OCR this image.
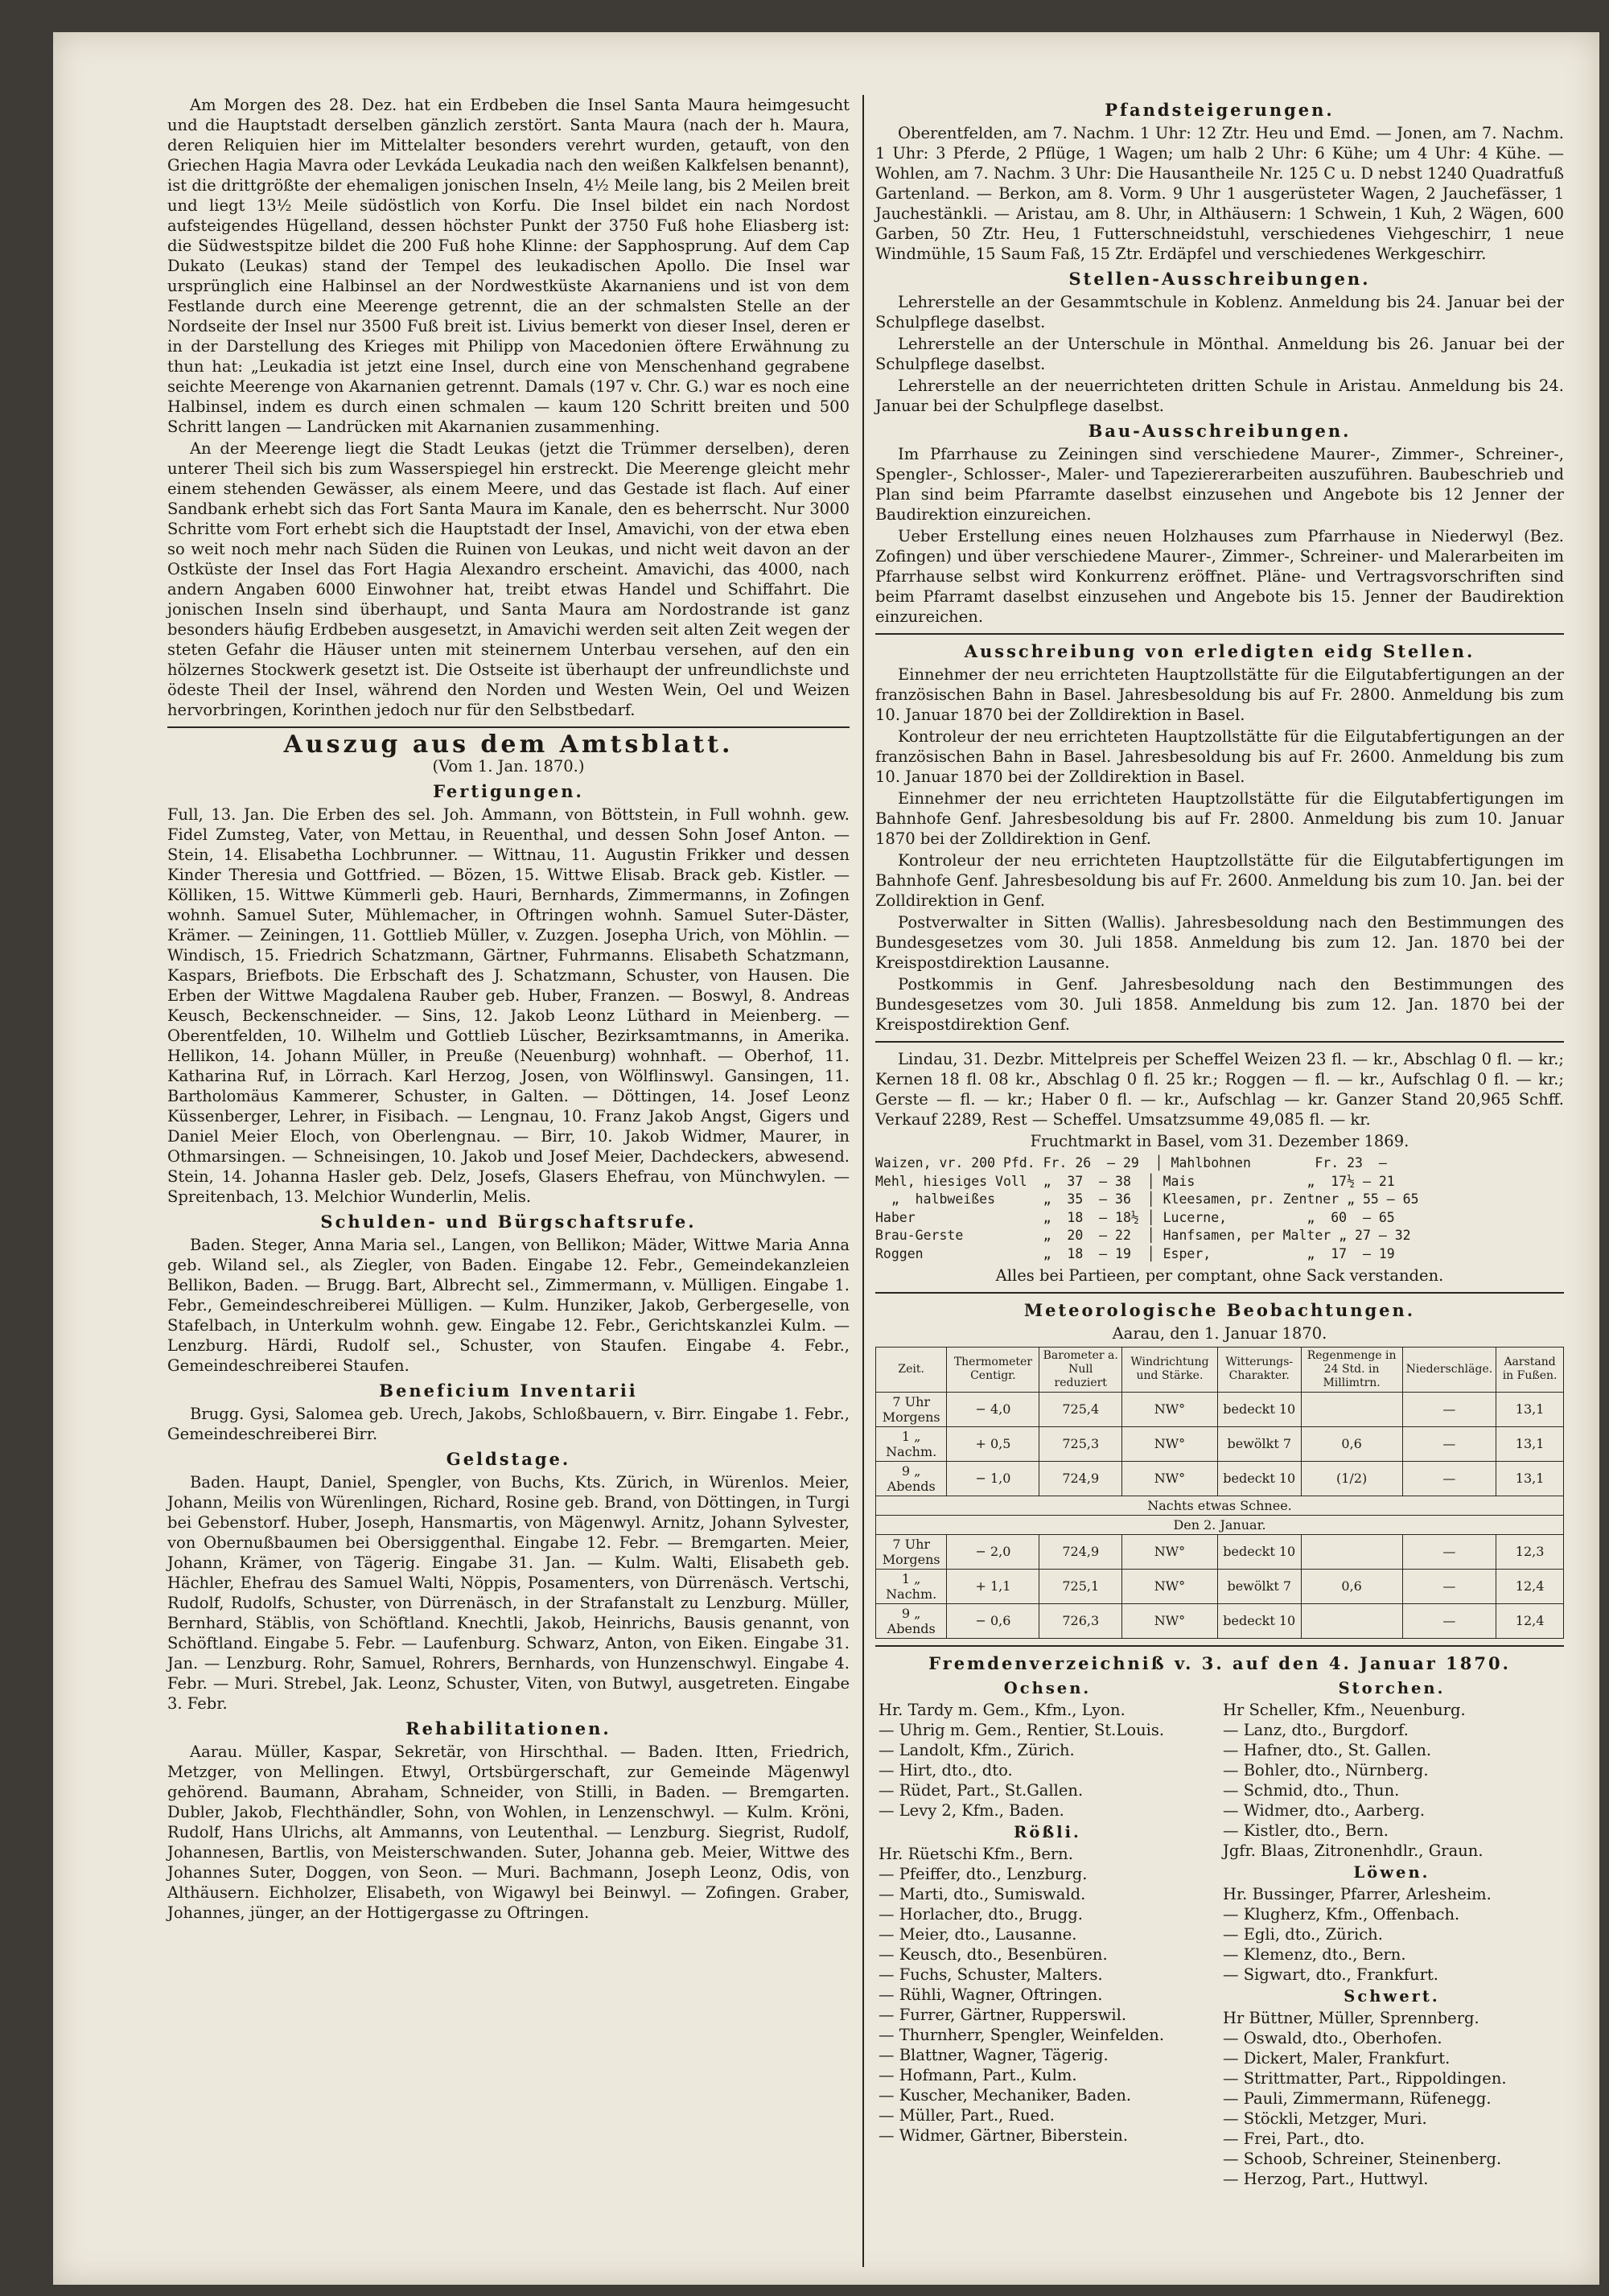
Am Morgen des 28. Dez. hat ein Erdbeben die Insel Santa Maura heimgesucht und die Hauptstadt derselben gänzlich zerstört. Santa Maura (nach der h. Maura, deren Reliquien hier im Mittelalter besonders verehrt wurden, getauft, von den Griechen Hagia Mavra oder Levkáda Leukadia nach den weißen Kalkfelsen benannt), ist die drittgrößte der ehemaligen jonischen Inseln, 4½ Meile lang, bis 2 Meilen breit und liegt 13½ Meile südöstlich von Korfu. Die Insel bildet ein nach Nordost aufsteigendes Hügelland, dessen höchster Punkt der 3750 Fuß hohe Eliasberg ist: die Südwestspitze bildet die 200 Fuß hohe Klinne: der Sapphosprung. Auf dem Cap Dukato (Leukas) stand der Tempel des leukadischen Apollo. Die Insel war ursprünglich eine Halbinsel an der Nordwestküste Akarnaniens und ist von dem Festlande durch eine Meerenge getrennt, die an der schmalsten Stelle an der Nordseite der Insel nur 3500 Fuß breit ist. Livius bemerkt von dieser Insel, deren er in der Darstellung des Krieges mit Philipp von Macedonien öftere Erwähnung zu thun hat: „Leukadia ist jetzt eine Insel, durch eine von Menschenhand gegrabene seichte Meerenge von Akarnanien getrennt. Damals (197 v. Chr. G.) war es noch eine Halbinsel, indem es durch einen schmalen — kaum 120 Schritt breiten und 500 Schritt langen — Landrücken mit Akarnanien zusammenhing.

An der Meerenge liegt die Stadt Leukas (jetzt die Trümmer derselben), deren unterer Theil sich bis zum Wasserspiegel hin erstreckt. Die Meerenge gleicht mehr einem stehenden Gewässer, als einem Meere, und das Gestade ist flach. Auf einer Sandbank erhebt sich das Fort Santa Maura im Kanale, den es beherrscht. Nur 3000 Schritte vom Fort erhebt sich die Hauptstadt der Insel, Amavichi, von der etwa eben so weit noch mehr nach Süden die Ruinen von Leukas, und nicht weit davon an der Ostküste der Insel das Fort Hagia Alexandro erscheint. Amavichi, das 4000, nach andern Angaben 6000 Einwohner hat, treibt etwas Handel und Schiffahrt. Die jonischen Inseln sind überhaupt, und Santa Maura am Nordostrande ist ganz besonders häufig Erdbeben ausgesetzt, in Amavichi werden seit alten Zeit wegen der steten Gefahr die Häuser unten mit steinernem Unterbau versehen, auf den ein hölzernes Stockwerk gesetzt ist. Die Ostseite ist überhaupt der unfreundlichste und ödeste Theil der Insel, während den Norden und Westen Wein, Oel und Weizen hervorbringen, Korinthen jedoch nur für den Selbstbedarf.

Auszug aus dem Amtsblatt.
(Vom 1. Jan. 1870.)
Fertigungen.

Full, 13. Jan. Die Erben des sel. Joh. Ammann, von Böttstein, in Full wohnh. gew. Fidel Zumsteg, Vater, von Mettau, in Reuenthal, und dessen Sohn Josef Anton. — Stein, 14. Elisabetha Lochbrunner. — Wittnau, 11. Augustin Frikker und dessen Kinder Theresia und Gottfried. — Bözen, 15. Wittwe Elisab. Brack geb. Kistler. — Kölliken, 15. Wittwe Kümmerli geb. Hauri, Bernhards, Zimmermanns, in Zofingen wohnh. Samuel Suter, Mühlemacher, in Oftringen wohnh. Samuel Suter-Däster, Krämer. — Zeiningen, 11. Gottlieb Müller, v. Zuzgen. Josepha Urich, von Möhlin. — Windisch, 15. Friedrich Schatzmann, Gärtner, Fuhrmanns. Elisabeth Schatzmann, Kaspars, Briefbots. Die Erbschaft des J. Schatzmann, Schuster, von Hausen. Die Erben der Wittwe Magdalena Rauber geb. Huber, Franzen. — Boswyl, 8. Andreas Keusch, Beckenschneider. — Sins, 12. Jakob Leonz Lüthard in Meienberg. — Oberentfelden, 10. Wilhelm und Gottlieb Lüscher, Bezirksamtmanns, in Amerika. Hellikon, 14. Johann Müller, in Preuße (Neuenburg) wohnhaft. — Oberhof, 11. Katharina Ruf, in Lörrach. Karl Herzog, Josen, von Wölflinswyl. Gansingen, 11. Bartholomäus Kammerer, Schuster, in Galten. — Döttingen, 14. Josef Leonz Küssenberger, Lehrer, in Fisibach. — Lengnau, 10. Franz Jakob Angst, Gigers und Daniel Meier Eloch, von Oberlengnau. — Birr, 10. Jakob Widmer, Maurer, in Othmarsingen. — Schneisingen, 10. Jakob und Josef Meier, Dachdeckers, abwesend. Stein, 14. Johanna Hasler geb. Delz, Josefs, Glasers Ehefrau, von Münchwylen. — Spreitenbach, 13. Melchior Wunderlin, Melis.

Schulden- und Bürgschaftsrufe.

Baden. Steger, Anna Maria sel., Langen, von Bellikon; Mäder, Wittwe Maria Anna geb. Wiland sel., als Ziegler, von Baden. Eingabe 12. Febr., Gemeindekanzleien Bellikon, Baden. — Brugg. Bart, Albrecht sel., Zimmermann, v. Mülligen. Eingabe 1. Febr., Gemeindeschreiberei Mülligen. — Kulm. Hunziker, Jakob, Gerbergeselle, von Stafelbach, in Unterkulm wohnh. gew. Eingabe 12. Febr., Gerichtskanzlei Kulm. — Lenzburg. Härdi, Rudolf sel., Schuster, von Staufen. Eingabe 4. Febr., Gemeindeschreiberei Staufen.

Beneficium Inventarii

Brugg. Gysi, Salomea geb. Urech, Jakobs, Schloßbauern, v. Birr. Eingabe 1. Febr., Gemeindeschreiberei Birr.

Geldstage.

Baden. Haupt, Daniel, Spengler, von Buchs, Kts. Zürich, in Würenlos. Meier, Johann, Meilis von Würenlingen, Richard, Rosine geb. Brand, von Döttingen, in Turgi bei Gebenstorf. Huber, Joseph, Hansmartis, von Mägenwyl. Arnitz, Johann Sylvester, von Obernußbaumen bei Obersiggenthal. Eingabe 12. Febr. — Bremgarten. Meier, Johann, Krämer, von Tägerig. Eingabe 31. Jan. — Kulm. Walti, Elisabeth geb. Hächler, Ehefrau des Samuel Walti, Nöppis, Posamenters, von Dürrenäsch. Vertschi, Rudolf, Rudolfs, Schuster, von Dürrenäsch, in der Strafanstalt zu Lenzburg. Müller, Bernhard, Stäblis, von Schöftland. Knechtli, Jakob, Heinrichs, Bausis genannt, von Schöftland. Eingabe 5. Febr. — Laufenburg. Schwarz, Anton, von Eiken. Eingabe 31. Jan. — Lenzburg. Rohr, Samuel, Rohrers, Bernhards, von Hunzenschwyl. Eingabe 4. Febr. — Muri. Strebel, Jak. Leonz, Schuster, Viten, von Butwyl, ausgetreten. Eingabe 3. Febr.

Rehabilitationen.

Aarau. Müller, Kaspar, Sekretär, von Hirschthal. — Baden. Itten, Friedrich, Metzger, von Mellingen. Etwyl, Ortsbürgerschaft, zur Gemeinde Mägenwyl gehörend. Baumann, Abraham, Schneider, von Stilli, in Baden. — Bremgarten. Dubler, Jakob, Flechthändler, Sohn, von Wohlen, in Lenzenschwyl. — Kulm. Kröni, Rudolf, Hans Ulrichs, alt Ammanns, von Leutenthal. — Lenzburg. Siegrist, Rudolf, Johannesen, Bartlis, von Meisterschwanden. Suter, Johanna geb. Meier, Wittwe des Johannes Suter, Doggen, von Seon. — Muri. Bachmann, Joseph Leonz, Odis, von Althäusern. Eichholzer, Elisabeth, von Wigawyl bei Beinwyl. — Zofingen. Graber, Johannes, jünger, an der Hottigergasse zu Oftringen.

Pfandsteigerungen.

Oberentfelden, am 7. Nachm. 1 Uhr: 12 Ztr. Heu und Emd. — Jonen, am 7. Nachm. 1 Uhr: 3 Pferde, 2 Pflüge, 1 Wagen; um halb 2 Uhr: 6 Kühe; um 4 Uhr: 4 Kühe. — Wohlen, am 7. Nachm. 3 Uhr: Die Hausantheile Nr. 125 C u. D nebst 1240 Quadratfuß Gartenland. — Berkon, am 8. Vorm. 9 Uhr 1 ausgerüsteter Wagen, 2 Jauchefässer, 1 Jauchestänkli. — Aristau, am 8. Uhr, in Althäusern: 1 Schwein, 1 Kuh, 2 Wägen, 600 Garben, 50 Ztr. Heu, 1 Futterschneidstuhl, verschiedenes Viehgeschirr, 1 neue Windmühle, 15 Saum Faß, 15 Ztr. Erdäpfel und verschiedenes Werkgeschirr.

Stellen-Ausschreibungen.

Lehrerstelle an der Gesammtschule in Koblenz. Anmeldung bis 24. Januar bei der Schulpflege daselbst.

Lehrerstelle an der Unterschule in Mönthal. Anmeldung bis 26. Januar bei der Schulpflege daselbst.

Lehrerstelle an der neuerrichteten dritten Schule in Aristau. Anmeldung bis 24. Januar bei der Schulpflege daselbst.

Bau-Ausschreibungen.

Im Pfarrhause zu Zeiningen sind verschiedene Maurer-, Zimmer-, Schreiner-, Spengler-, Schlosser-, Maler- und Tapeziererarbeiten auszuführen. Baubeschrieb und Plan sind beim Pfarramte daselbst einzusehen und Angebote bis 12 Jenner der Baudirektion einzureichen.

Ueber Erstellung eines neuen Holzhauses zum Pfarrhause in Niederwyl (Bez. Zofingen) und über verschiedene Maurer-, Zimmer-, Schreiner- und Malerarbeiten im Pfarrhause selbst wird Konkurrenz eröffnet. Pläne- und Vertragsvorschriften sind beim Pfarramt daselbst einzusehen und Angebote bis 15. Jenner der Baudirektion einzureichen.

Ausschreibung von erledigten eidg Stellen.

Einnehmer der neu errichteten Hauptzollstätte für die Eilgutabfertigungen an der französischen Bahn in Basel. Jahresbesoldung bis auf Fr. 2800. Anmeldung bis zum 10. Januar 1870 bei der Zolldirektion in Basel.

Kontroleur der neu errichteten Hauptzollstätte für die Eilgutabfertigungen an der französischen Bahn in Basel. Jahresbesoldung bis auf Fr. 2600. Anmeldung bis zum 10. Januar 1870 bei der Zolldirektion in Basel.

Einnehmer der neu errichteten Hauptzollstätte für die Eilgutabfertigungen im Bahnhofe Genf. Jahresbesoldung bis auf Fr. 2800. Anmeldung bis zum 10. Januar 1870 bei der Zolldirektion in Genf.

Kontroleur der neu errichteten Hauptzollstätte für die Eilgutabfertigungen im Bahnhofe Genf. Jahresbesoldung bis auf Fr. 2600. Anmeldung bis zum 10. Jan. bei der Zolldirektion in Genf.

Postverwalter in Sitten (Wallis). Jahresbesoldung nach den Bestimmungen des Bundesgesetzes vom 30. Juli 1858. Anmeldung bis zum 12. Jan. 1870 bei der Kreispostdirektion Lausanne.

Postkommis in Genf. Jahresbesoldung nach den Bestimmungen des Bundesgesetzes vom 30. Juli 1858. Anmeldung bis zum 12. Jan. 1870 bei der Kreispostdirektion Genf.

Lindau, 31. Dezbr. Mittelpreis per Scheffel Weizen 23 fl. — kr., Abschlag 0 fl. — kr.; Kernen 18 fl. 08 kr., Abschlag 0 fl. 25 kr.; Roggen — fl. — kr., Aufschlag 0 fl. — kr.; Gerste — fl. — kr.; Haber 0 fl. — kr., Aufschlag — kr. Ganzer Stand 20,965 Schff. Verkauf 2289, Rest — Scheffel. Umsatzsumme 49,085 fl. — kr.

Fruchtmarkt in Basel, vom 31. Dezember 1869.
Waizen, vr. 200 Pfd. Fr. 26  — 29  │ Mahlbohnen        Fr. 23  —
Mehl, hiesiges Voll  „  37  — 38  │ Mais              „  17½ — 21
„  halbweißes      „  35  — 36  │ Kleesamen, pr. Zentner „ 55 — 65
Haber                „  18  — 18½ │ Lucerne,          „  60  — 65
Brau-Gerste          „  20  — 22  │ Hanfsamen, per Malter „ 27 — 32
Roggen               „  18  — 19  │ Esper,            „  17  — 19
Alles bei Partieen, per comptant, ohne Sack verstanden.
Meteorologische Beobachtungen.
Aarau, den 1. Januar 1870.
Zeit.	Thermometer Centigr.	Barometer a. Null reduziert	Windrichtung und Stärke.	Witterungs-Charakter.	Regenmenge in 24 Std. in Millimtrn.	Niederschläge.	Aarstand in Fußen.
7 Uhr Morgens	− 4,0	725,4	NW°	bedeckt 10		—	13,1
1 „ Nachm.	+ 0,5	725,3	NW°	bewölkt 7	0,6	—	13,1
9 „ Abends	− 1,0	724,9	NW°	bedeckt 10	(1/2)	—	13,1
Nachts etwas Schnee.							
Den 2. Januar.							
7 Uhr Morgens	− 2,0	724,9	NW°	bedeckt 10		—	12,3
1 „ Nachm.	+ 1,1	725,1	NW°	bewölkt 7	0,6	—	12,4
9 „ Abends	− 0,6	726,3	NW°	bedeckt 10		—	12,4
Fremdenverzeichniß v. 3. auf den 4. Januar 1870.
Ochsen.
Hr. Tardy m. Gem., Kfm., Lyon.
— Uhrig m. Gem., Rentier, St.Louis.
— Landolt, Kfm., Zürich.
— Hirt, dto., dto.
— Rüdet, Part., St.Gallen.
— Levy 2, Kfm., Baden.
Rößli.
Hr. Rüetschi Kfm., Bern.
— Pfeiffer, dto., Lenzburg.
— Marti, dto., Sumiswald.
— Horlacher, dto., Brugg.
— Meier, dto., Lausanne.
— Keusch, dto., Besenbüren.
— Fuchs, Schuster, Malters.
— Rühli, Wagner, Oftringen.
— Furrer, Gärtner, Rupperswil.
— Thurnherr, Spengler, Weinfelden.
— Blattner, Wagner, Tägerig.
— Hofmann, Part., Kulm.
— Kuscher, Mechaniker, Baden.
— Müller, Part., Rued.
— Widmer, Gärtner, Biberstein.
Storchen.
Hr Scheller, Kfm., Neuenburg.
— Lanz, dto., Burgdorf.
— Hafner, dto., St. Gallen.
— Bohler, dto., Nürnberg.
— Schmid, dto., Thun.
— Widmer, dto., Aarberg.
— Kistler, dto., Bern.
Jgfr. Blaas, Zitronenhdlr., Graun.
Löwen.
Hr. Bussinger, Pfarrer, Arlesheim.
— Klugherz, Kfm., Offenbach.
— Egli, dto., Zürich.
— Klemenz, dto., Bern.
— Sigwart, dto., Frankfurt.
Schwert.
Hr Büttner, Müller, Sprennberg.
— Oswald, dto., Oberhofen.
— Dickert, Maler, Frankfurt.
— Strittmatter, Part., Rippoldingen.
— Pauli, Zimmermann, Rüfenegg.
— Stöckli, Metzger, Muri.
— Frei, Part., dto.
— Schoob, Schreiner, Steinenberg.
— Herzog, Part., Huttwyl.
